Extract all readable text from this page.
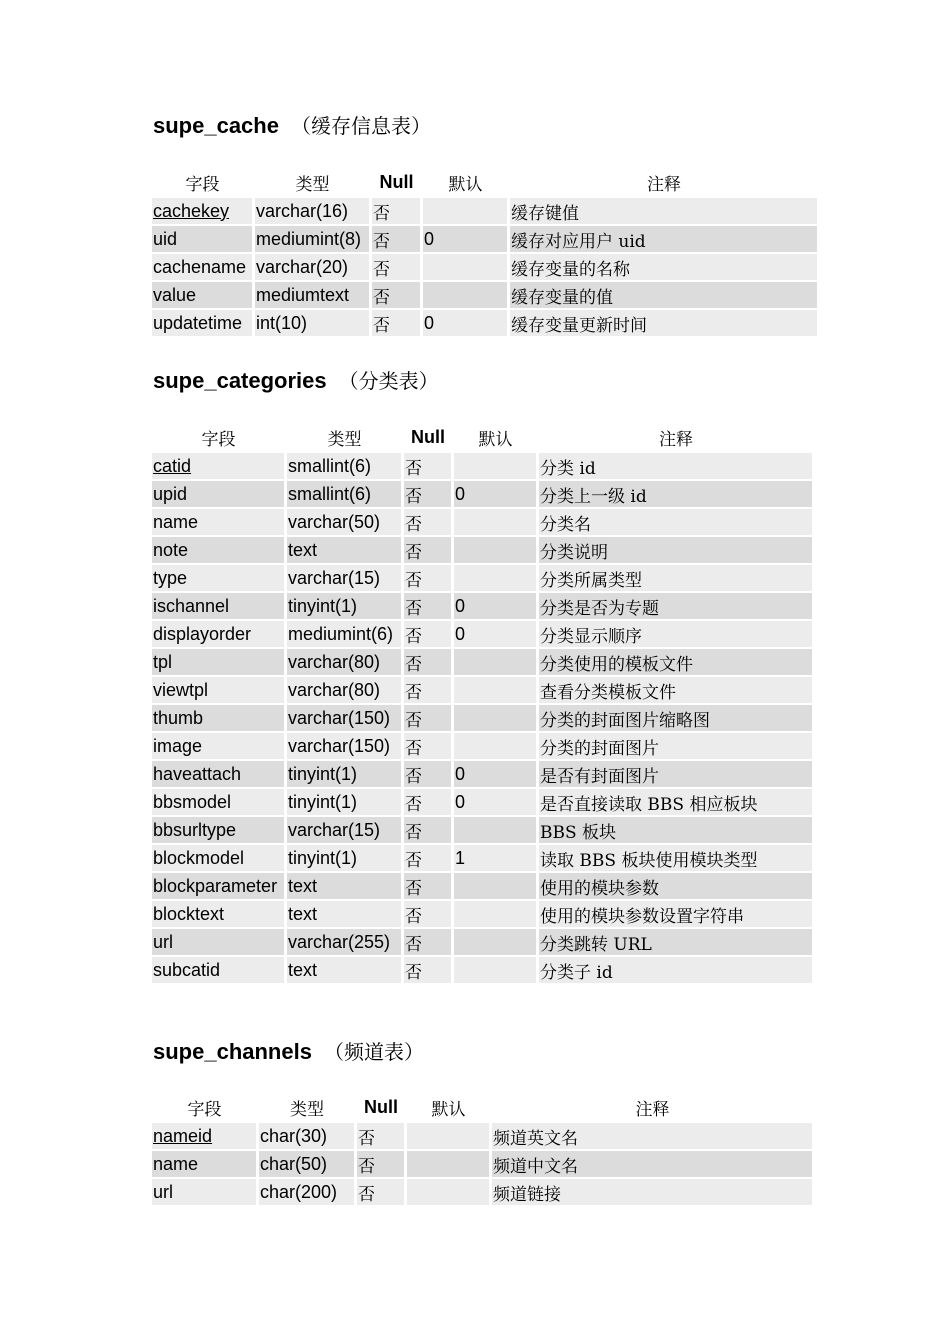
supe_cache （缓存信息表）
字段	类型	Null	默认	注释
cachekey	varchar(16)	否		缓存键值
uid	mediumint(8)	否	0	缓存对应用户 uid
cachename	varchar(20)	否		缓存变量的名称
value	mediumtext	否		缓存变量的值
updatetime	int(10)	否	0	缓存变量更新时间
supe_categories （分类表）
字段	类型	Null	默认	注释
catid	smallint(6)	否		分类 id
upid	smallint(6)	否	0	分类上一级 id
name	varchar(50)	否		分类名
note	text	否		分类说明
type	varchar(15)	否		分类所属类型
ischannel	tinyint(1)	否	0	分类是否为专题
displayorder	mediumint(6)	否	0	分类显示顺序
tpl	varchar(80)	否		分类使用的模板文件
viewtpl	varchar(80)	否		查看分类模板文件
thumb	varchar(150)	否		分类的封面图片缩略图
image	varchar(150)	否		分类的封面图片
haveattach	tinyint(1)	否	0	是否有封面图片
bbsmodel	tinyint(1)	否	0	是否直接读取 BBS 相应板块
bbsurltype	varchar(15)	否		BBS 板块
blockmodel	tinyint(1)	否	1	读取 BBS 板块使用模块类型
blockparameter	text	否		使用的模块参数
blocktext	text	否		使用的模块参数设置字符串
url	varchar(255)	否		分类跳转 URL
subcatid	text	否		分类子 id
supe_channels （频道表）
字段	类型	Null	默认	注释
nameid	char(30)	否		频道英文名
name	char(50)	否		频道中文名
url	char(200)	否		频道链接
